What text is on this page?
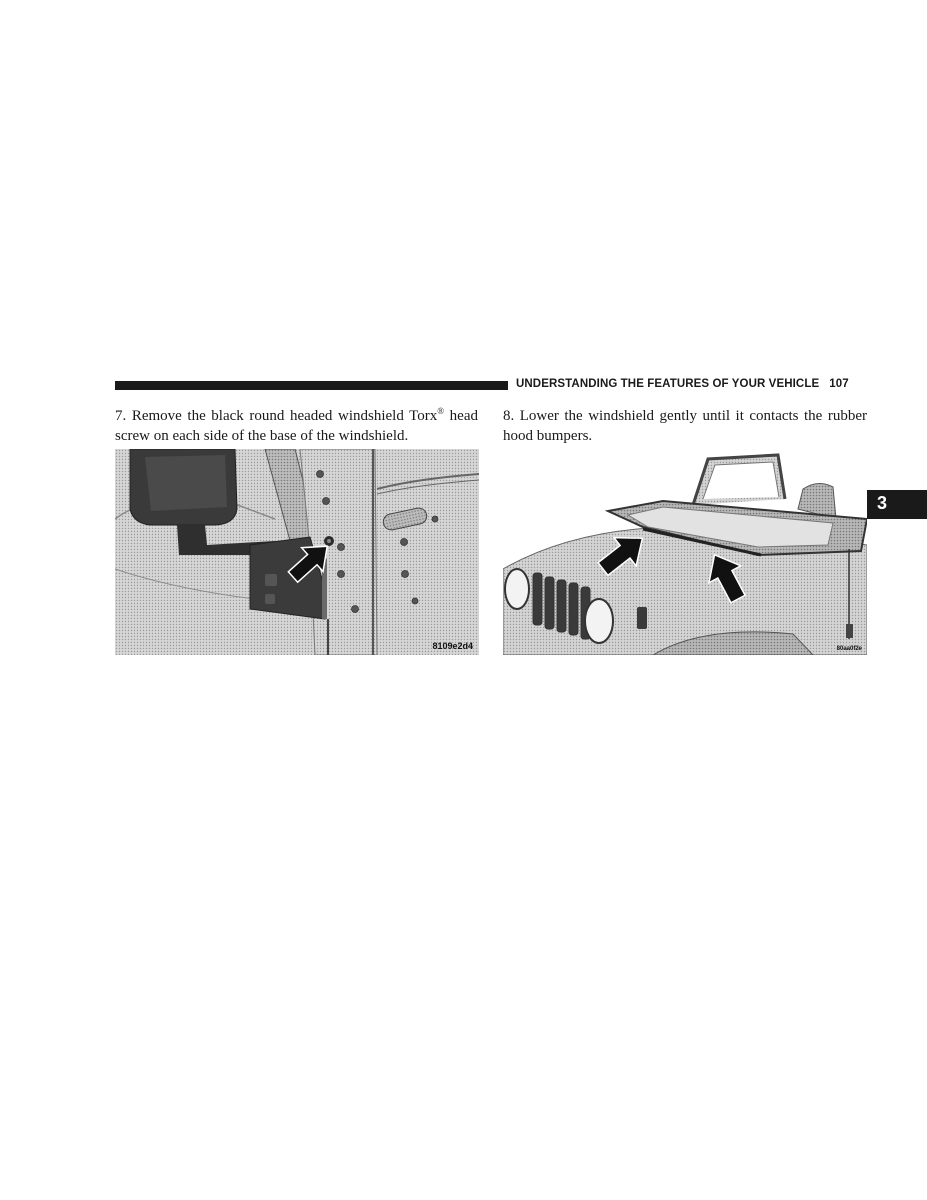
UNDERSTANDING THE FEATURES OF YOUR VEHICLE 107
7. Remove the black round headed windshield Torx® head screw on each side of the base of the windshield.
8. Lower the windshield gently until it contacts the rubber hood bumpers.
8109e2d4	80aa0f2e
3
